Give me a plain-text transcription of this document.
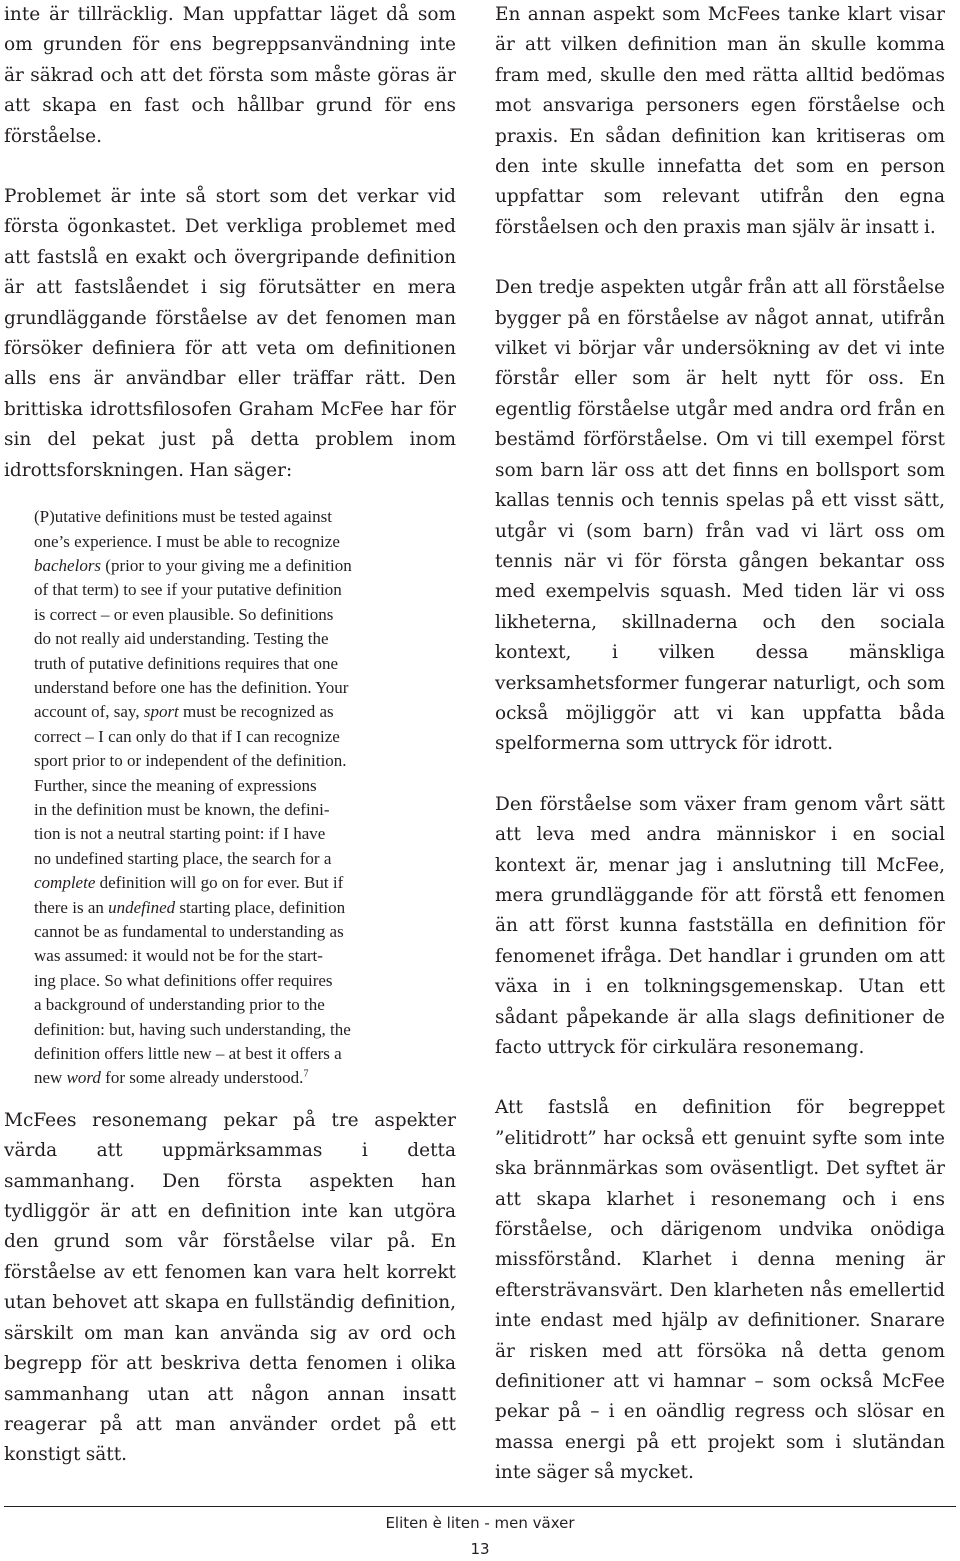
inte är tillräcklig. Man uppfattar läget då som om grunden för ens begreppsanvändning inte är säkrad och att det första som måste göras är att skapa en fast och hållbar grund för ens förståelse.

Problemet är inte så stort som det verkar vid första ögonkastet. Det verkliga problemet med att fastslå en exakt och övergripande definition är att fastslåendet i sig förutsätter en mera grundläggande förståelse av det fenomen man försöker definiera för att veta om definitionen alls ens är användbar eller träffar rätt. Den brittiska idrottsfilosofen Graham McFee har för sin del pekat just på detta problem inom idrottsforskningen. Han säger:

(P)utative definitions must be tested against
one’s experience. I must be able to recognize
bachelors (prior to your giving me a definition
of that term) to see if your putative definition
is correct – or even plausible. So definitions
do not really aid understanding. Testing the
truth of putative definitions requires that one
understand before one has the definition. Your
account of, say, sport must be recognized as
correct – I can only do that if I can recognize
sport prior to or independent of the definition.
Further, since the meaning of expressions
in the definition must be known, the defini-
tion is not a neutral starting point: if I have
no undefined starting place, the search for a
complete definition will go on for ever. But if
there is an undefined starting place, definition
cannot be as fundamental to understanding as
was assumed: it would not be for the start-
ing place. So what definitions offer requires
a background of understanding prior to the
definition: but, having such understanding, the
definition offers little new – at best it offers a
new word for some already understood.$^7$

McFees resonemang pekar på tre aspekter värda att uppmärksammas i detta sammanhang. Den första aspekten han tydliggör är att en definition inte kan utgöra den grund som vår förståelse vilar på. En förståelse av ett fenomen kan vara helt korrekt utan behovet att skapa en fullständig definition, särskilt om man kan använda sig av ord och begrepp för att beskriva detta fenomen i olika sammanhang utan att någon annan insatt reagerar på att man använder ordet på ett konstigt sätt.

En annan aspekt som McFees tanke klart visar är att vilken definition man än skulle komma fram med, skulle den med rätta alltid bedömas mot ansvariga personers egen förståelse och praxis. En sådan definition kan kritiseras om den inte skulle innefatta det som en person uppfattar som relevant utifrån den egna förståelsen och den praxis man själv är insatt i.

Den tredje aspekten utgår från att all förståelse bygger på en förståelse av något annat, utifrån vilket vi börjar vår undersökning av det vi inte förstår eller som är helt nytt för oss. En egentlig förståelse utgår med andra ord från en bestämd förförståelse. Om vi till exempel först som barn lär oss att det finns en bollsport som kallas tennis och tennis spelas på ett visst sätt, utgår vi (som barn) från vad vi lärt oss om tennis när vi för första gången bekantar oss med exempelvis squash. Med tiden lär vi oss likheterna, skillnaderna och den sociala kontext, i vilken dessa mänskliga verksamhetsformer fungerar naturligt, och som också möjliggör att vi kan uppfatta båda spelformerna som uttryck för idrott.

Den förståelse som växer fram genom vårt sätt att leva med andra människor i en social kontext är, menar jag i anslutning till McFee, mera grundläggande för att förstå ett fenomen än att först kunna fastställa en definition för fenomenet ifråga. Det handlar i grunden om att växa in i en tolkningsgemenskap. Utan ett sådant påpekande är alla slags definitioner de facto uttryck för cirkulära resonemang.

Att fastslå en definition för begreppet ”elitidrott” har också ett genuint syfte som inte ska brännmärkas som oväsentligt. Det syftet är att skapa klarhet i resonemang och i ens förståelse, och därigenom undvika onödiga missförstånd. Klarhet i denna mening är eftersträvansvärt. Den klarheten nås emellertid inte endast med hjälp av definitioner. Snarare är risken med att försöka nå detta genom definitioner att vi hamnar – som också McFee pekar på – i en oändlig regress och slösar en massa energi på ett projekt som i slutändan inte säger så mycket.

Eliten è liten - men växer
13
